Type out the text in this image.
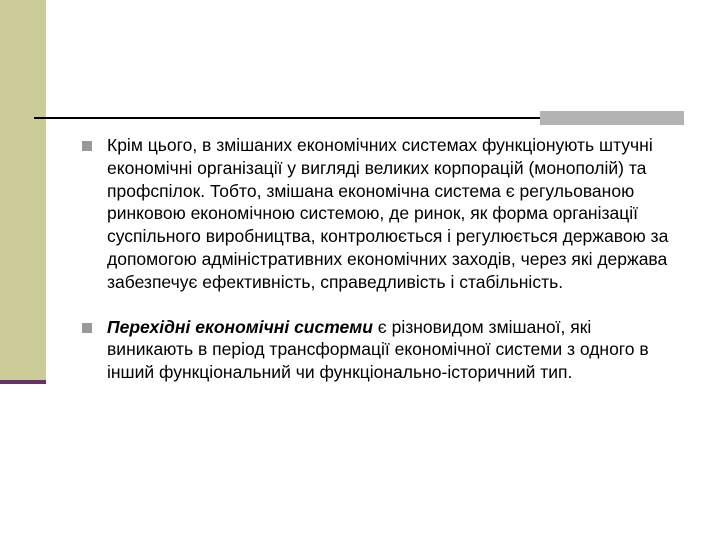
Крім цього, в змішаних економічних системах функціонують штучні економічні організації у вигляді великих корпорацій (монополій) та профспілок. Тобто, змішана економічна система є регульованою ринковою економічною системою, де ринок, як форма організації суспільного виробництва, контролюється і регулюється державою за допомогою адміністративних економічних заходів, через які держава забезпечує ефективність, справедливість і стабільність.
Перехідні економічні системи є різновидом змішаної, які виникають в період трансформації економічної системи з одного в інший функціональний чи функціонально-історичний тип.
